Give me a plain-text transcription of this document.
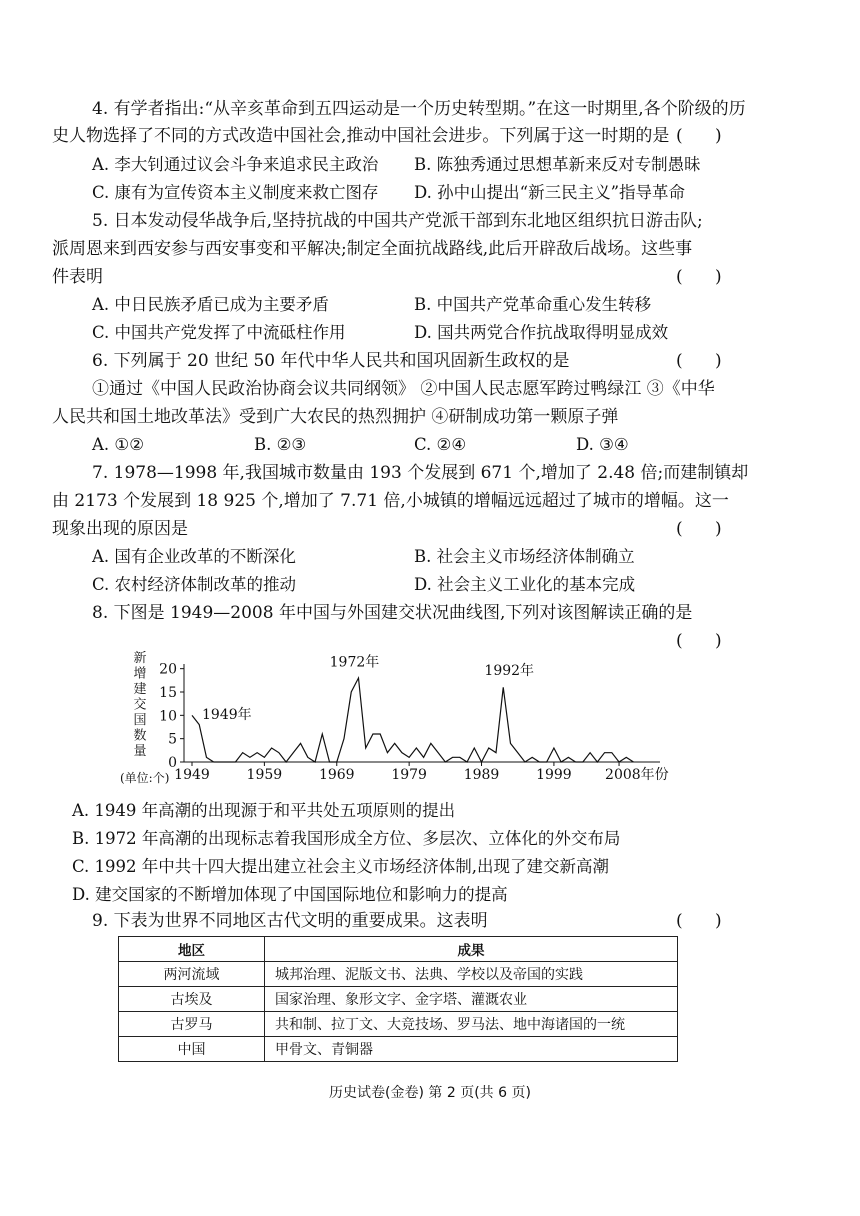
4. 有学者指出:“从辛亥革命到五四运动是一个历史转型期。”在这一时期里,各个阶级的历
史人物选择了不同的方式改造中国社会,推动中国社会进步。下列属于这一时期的是 (      )
A. 李大钊通过议会斗争来追求民主政治 B. 陈独秀通过思想革新来反对专制愚昧
C. 康有为宣传资本主义制度来救亡图存 D. 孙中山提出“新三民主义”指导革命
5. 日本发动侵华战争后,坚持抗战的中国共产党派干部到东北地区组织抗日游击队;
派周恩来到西安参与西安事变和平解决;制定全面抗战路线,此后开辟敌后战场。这些事
件表明	(      )
A. 中日民族矛盾已成为主要矛盾	B. 中国共产党革命重心发生转移
C. 中国共产党发挥了中流砥柱作用	D. 国共两党合作抗战取得明显成效
6. 下列属于 20 世纪 50 年代中华人民共和国巩固新生政权的是	(      )
①通过《中国人民政治协商会议共同纲领》 ②中国人民志愿军跨过鸭绿江 ③《中华
人民共和国土地改革法》受到广大农民的热烈拥护 ④研制成功第一颗原子弹
A. ①②	B. ②③	C. ②④	D. ③④
7. 1978—1998 年,我国城市数量由 193 个发展到 671 个,增加了 2.48 倍;而建制镇却
由 2173 个发展到 18 925 个,增加了 7.71 倍,小城镇的增幅远远超过了城市的增幅。这一
现象出现的原因是	(      )
A. 国有企业改革的不断深化	B. 社会主义市场经济体制确立
C. 农村经济体制改革的推动	D. 社会主义工业化的基本完成
8. 下图是 1949—2008 年中国与外国建交状况曲线图,下列对该图解读正确的是
(      )
新
增
建
交
国
数
量
0
5
10
15
20
1949	1959	1969	1979	1989	1999 2008年份
1949年
1972年
1992年
(单位:个)
A. 1949 年高潮的出现源于和平共处五项原则的提出
B. 1972 年高潮的出现标志着我国形成全方位、多层次、立体化的外交布局
C. 1992 年中共十四大提出建立社会主义市场经济体制,出现了建交新高潮
D. 建交国家的不断增加体现了中国国际地位和影响力的提高
9. 下表为世界不同地区古代文明的重要成果。这表明	(      )
地区	成果
两河流域	城邦治理、泥版文书、法典、学校以及帝国的实践
古埃及	国家治理、象形文字、金字塔、灌溉农业
古罗马	共和制、拉丁文、大竞技场、罗马法、地中海诸国的一统
中国	甲骨文、青铜器
历史试卷(金卷) 第 2 页(共 6 页)
